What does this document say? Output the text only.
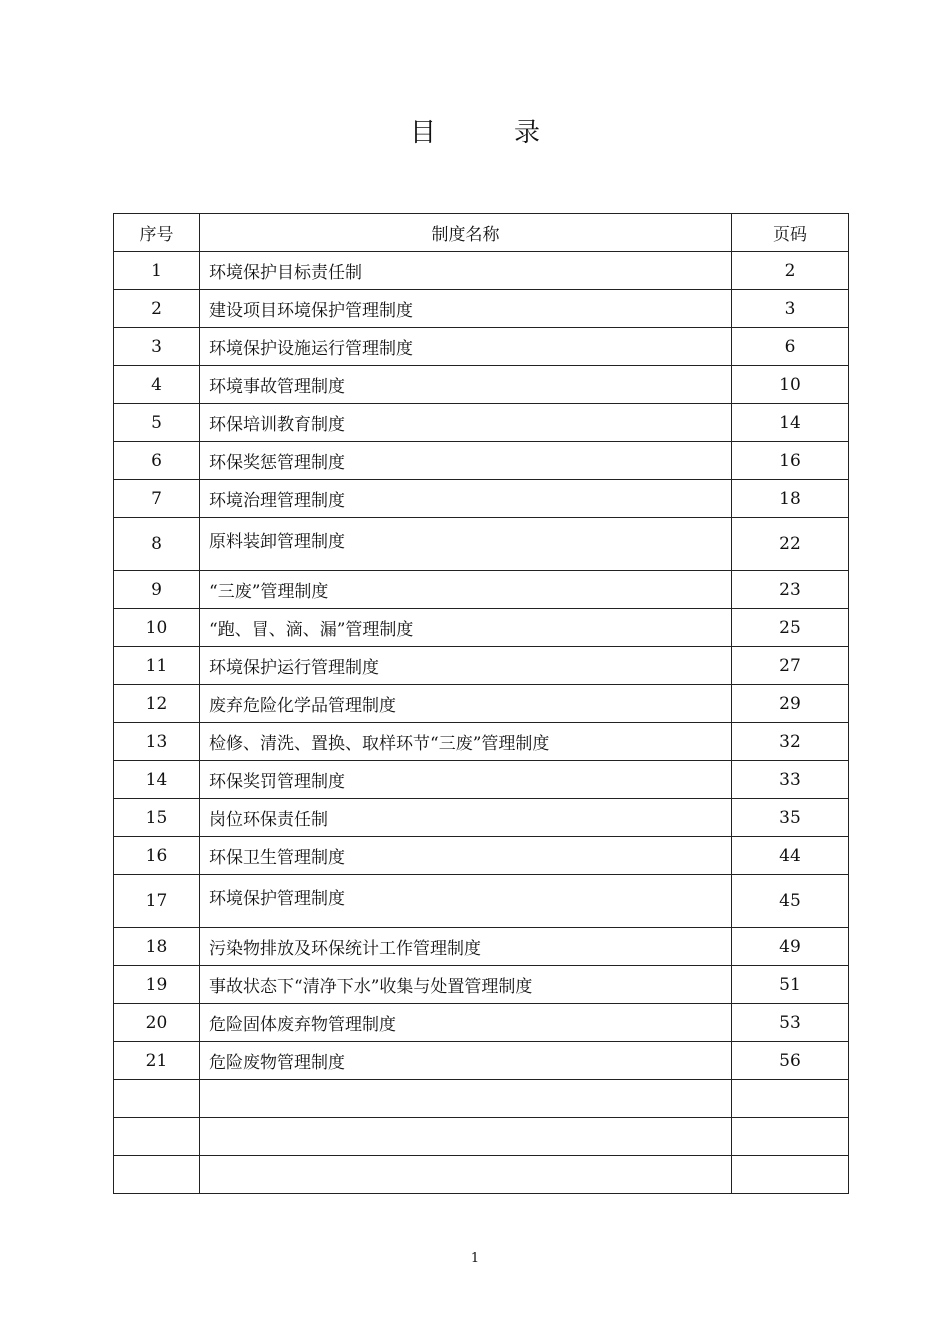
目　录
序号	制度名称	页码
1	环境保护目标责任制	2
2	建设项目环境保护管理制度	3
3	环境保护设施运行管理制度	6
4	环境事故管理制度	10
5	环保培训教育制度	14
6	环保奖惩管理制度	16
7	环境治理管理制度	18
8	原料装卸管理制度	22
9	“三废”管理制度	23
10	“跑、冒、滴、漏”管理制度	25
11	环境保护运行管理制度	27
12	废弃危险化学品管理制度	29
13	检修、清洗、置换、取样环节“三废”管理制度	32
14	环保奖罚管理制度	33
15	岗位环保责任制	35
16	环保卫生管理制度	44
17	环境保护管理制度	45
18	污染物排放及环保统计工作管理制度	49
19	事故状态下“清净下水”收集与处置管理制度	51
20	危险固体废弃物管理制度	53
21	危险废物管理制度	56

1
